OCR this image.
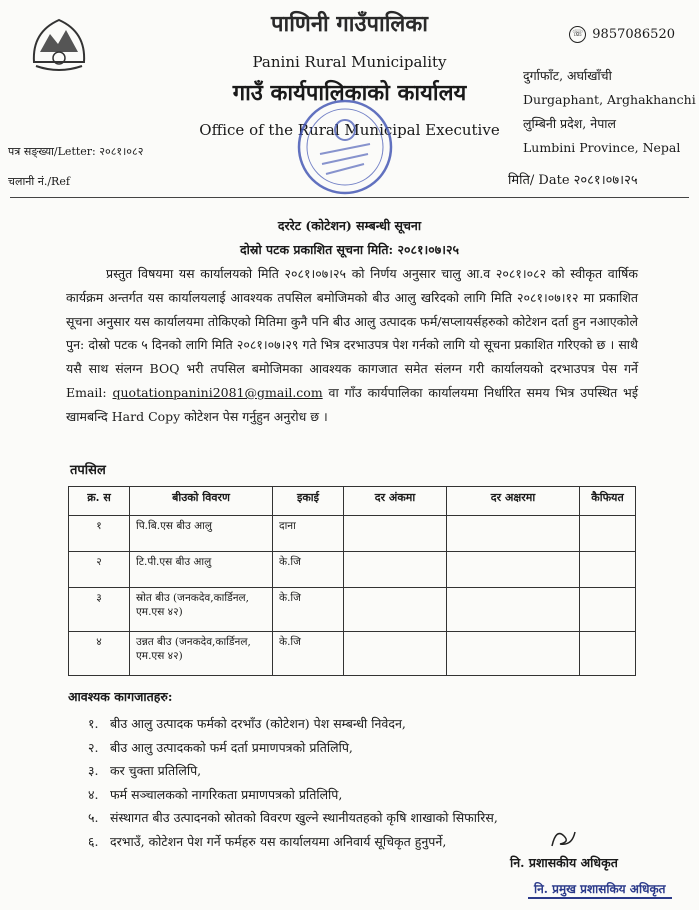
पाणिनी गाउँपालिका
Panini Rural Municipality
गाउँ कार्यपालिकाको कार्यालय
Office of the Rural Municipal Executive
☏ 9857086520
दुर्गाफाँट, अर्घाखाँची
Durgaphant, Arghakhanchi
लुम्बिनी प्रदेश, नेपाल
Lumbini Province, Nepal
पत्र सङ्ख्या/Letter: २०८१।०८२
चलानी नं./Ref	मिति/ Date २०८१।०७।२५
दररेट (कोटेशन) सम्बन्धी सूचना
दोस्रो पटक प्रकाशित सूचना मिति: २०८१।०७।२५
प्रस्तुत विषयमा यस कार्यालयको मिति २०८१।०७।२५ को निर्णय अनुसार चालु आ.व २०८१।०८२ को स्वीकृत वार्षिक कार्यक्रम अन्तर्गत यस कार्यालयलाई आवश्यक तपसिल बमोजिमको बीउ आलु खरिदको लागि मिति २०८१।०७।१२ मा प्रकाशित सूचना अनुसार यस कार्यालयमा तोकिएको मितिमा कुनै पनि बीउ आलु उत्पादक फर्म/सप्लायर्सहरुको कोटेशन दर्ता हुन नआएकोले पुन: दोस्रो पटक ५ दिनको लागि मिति २०८१।०७।२९ गते भित्र दरभाउपत्र पेश गर्नको लागि यो सूचना प्रकाशित गरिएको छ । साथै यसै साथ संलग्न BOQ भरी तपसिल बमोजिमका आवश्यक कागजात समेत संलग्न गरी कार्यालयको दरभाउपत्र पेस गर्ने Email: quotationpanini2081@gmail.com वा गाँउ कार्यपालिका कार्यालयमा निर्धारित समय भित्र उपस्थित भई खामबन्दि Hard Copy कोटेशन पेस गर्नुहुन अनुरोध छ ।
तपसिल
क्र. स	बीउको विवरण	इकाई	दर अंकमा	दर अक्षरमा	कैफियत
१	पि.बि.एस बीउ आलु	दाना			
२	टि.पी.एस बीउ आलु	के.जि			
३	स्रोत बीउ (जनकदेव,कार्डिनल, एम.एस ४२)	के.जि			
४	उन्नत बीउ (जनकदेव,कार्डिनल, एम.एस ४२)	के.जि			
आवश्यक कागजातहरु:
१. बीउ आलु उत्पादक फर्मको दरभाँउ (कोटेशन) पेश सम्बन्धी निवेदन,
२. बीउ आलु उत्पादकको फर्म दर्ता प्रमाणपत्रको प्रतिलिपि,
३. कर चुक्ता प्रतिलिपि,
४. फर्म सञ्चालकको नागरिकता प्रमाणपत्रको प्रतिलिपि,
५. संस्थागत बीउ उत्पादनको स्रोतको विवरण खुल्ने स्थानीयतहको कृषि शाखाको सिफारिस,
६. दरभाउँ, कोटेशन पेश गर्ने फर्महरु यस कार्यालयमा अनिवार्य सूचिकृत हुनुपर्ने,
नि. प्रशासकीय अधिकृत
नि. प्रमुख प्रशासकिय अधिकृत
